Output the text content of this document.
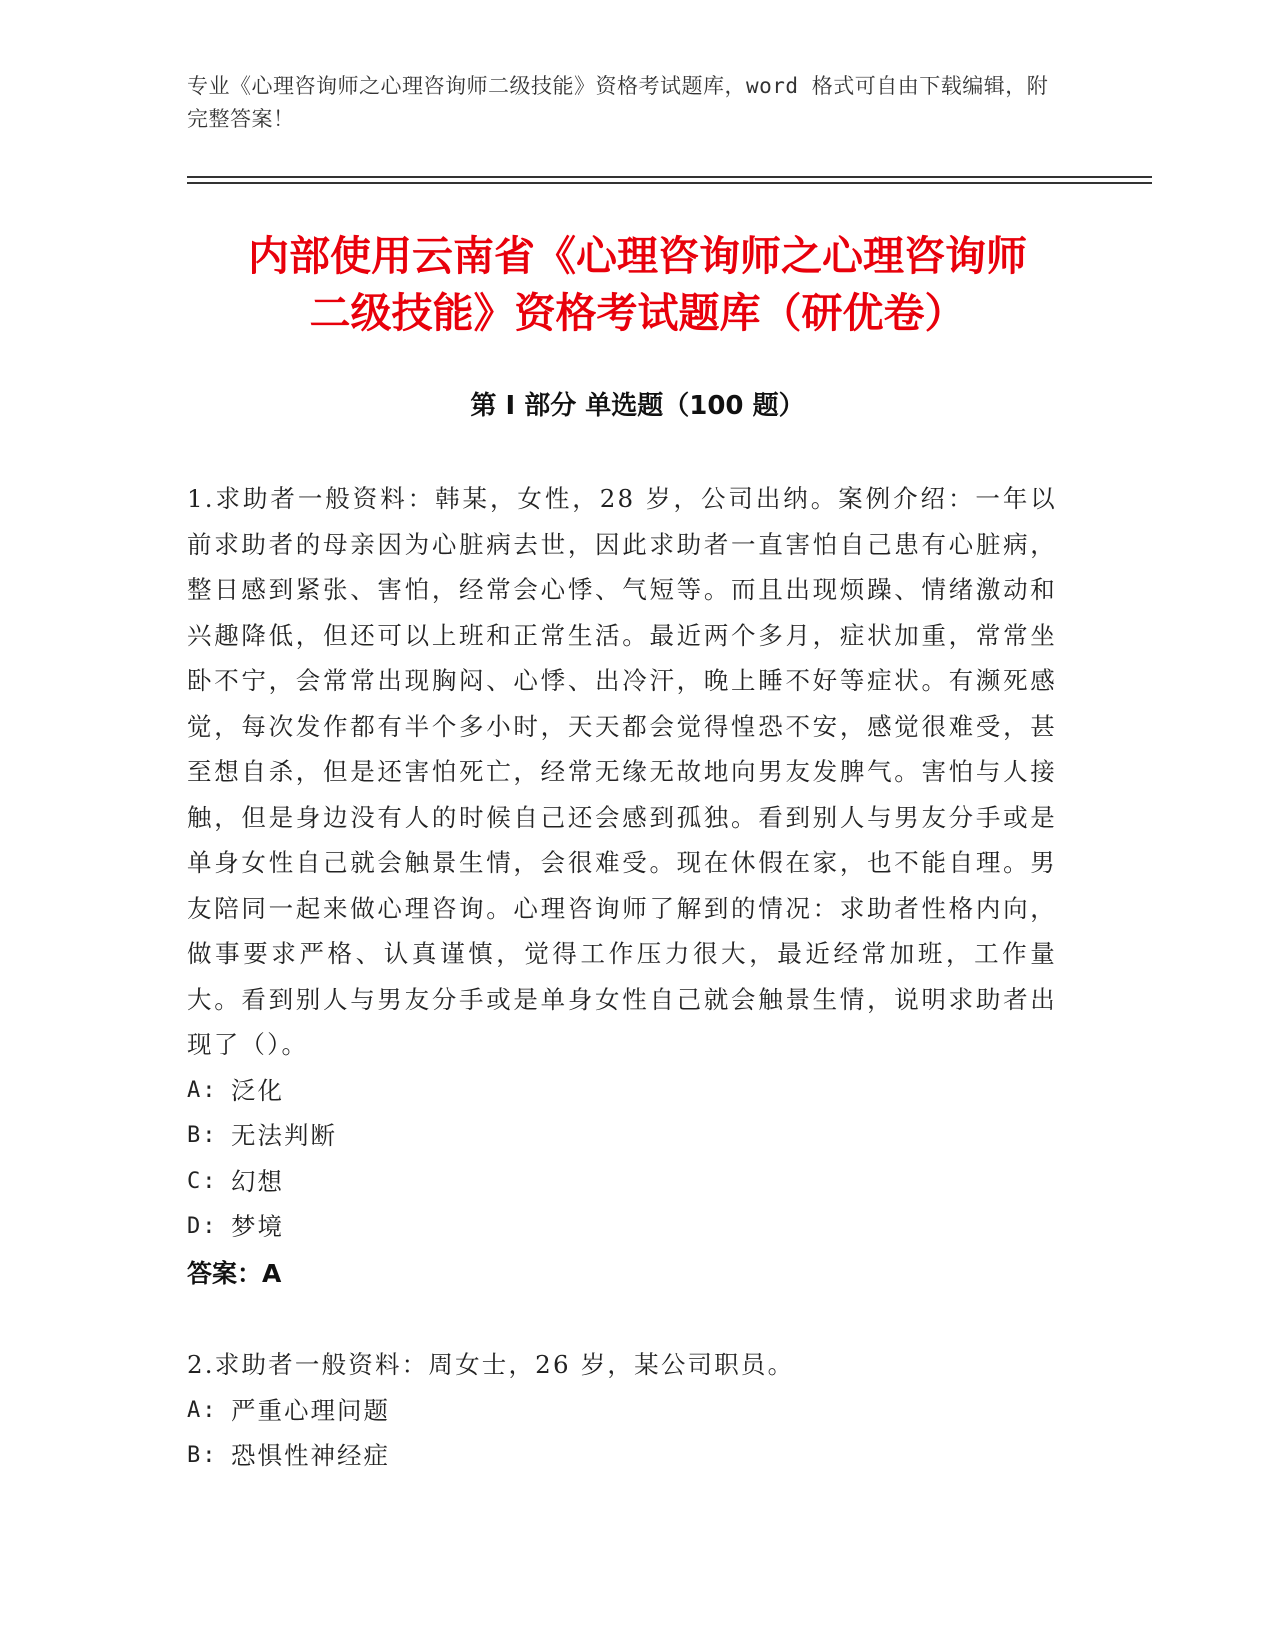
专业《心理咨询师之心理咨询师二级技能》资格考试题库，word 格式可自由下载编辑，附完整答案！
内部使用云南省《心理咨询师之心理咨询师
二级技能》资格考试题库（研优卷）
第 I 部分 单选题（100 题）
1.求助者一般资料：韩某，女性，28 岁，公司出纳。案例介绍：一年以前求助者的母亲因为心脏病去世，因此求助者一直害怕自己患有心脏病，整日感到紧张、害怕，经常会心悸、气短等。而且出现烦躁、情绪激动和兴趣降低，但还可以上班和正常生活。最近两个多月，症状加重，常常坐卧不宁，会常常出现胸闷、心悸、出冷汗，晚上睡不好等症状。有濒死感觉，每次发作都有半个多小时，天天都会觉得惶恐不安，感觉很难受，甚至想自杀，但是还害怕死亡，经常无缘无故地向男友发脾气。害怕与人接触，但是身边没有人的时候自己还会感到孤独。看到别人与男友分手或是单身女性自己就会触景生情，会很难受。现在休假在家，也不能自理。男友陪同一起来做心理咨询。心理咨询师了解到的情况：求助者性格内向，做事要求严格、认真谨慎，觉得工作压力很大，最近经常加班，工作量大。看到别人与男友分手或是单身女性自己就会触景生情，说明求助者出现了（）。
A: 泛化
B: 无法判断
C: 幻想
D: 梦境
答案：A
2.求助者一般资料：周女士，26 岁，某公司职员。
A: 严重心理问题
B: 恐惧性神经症
